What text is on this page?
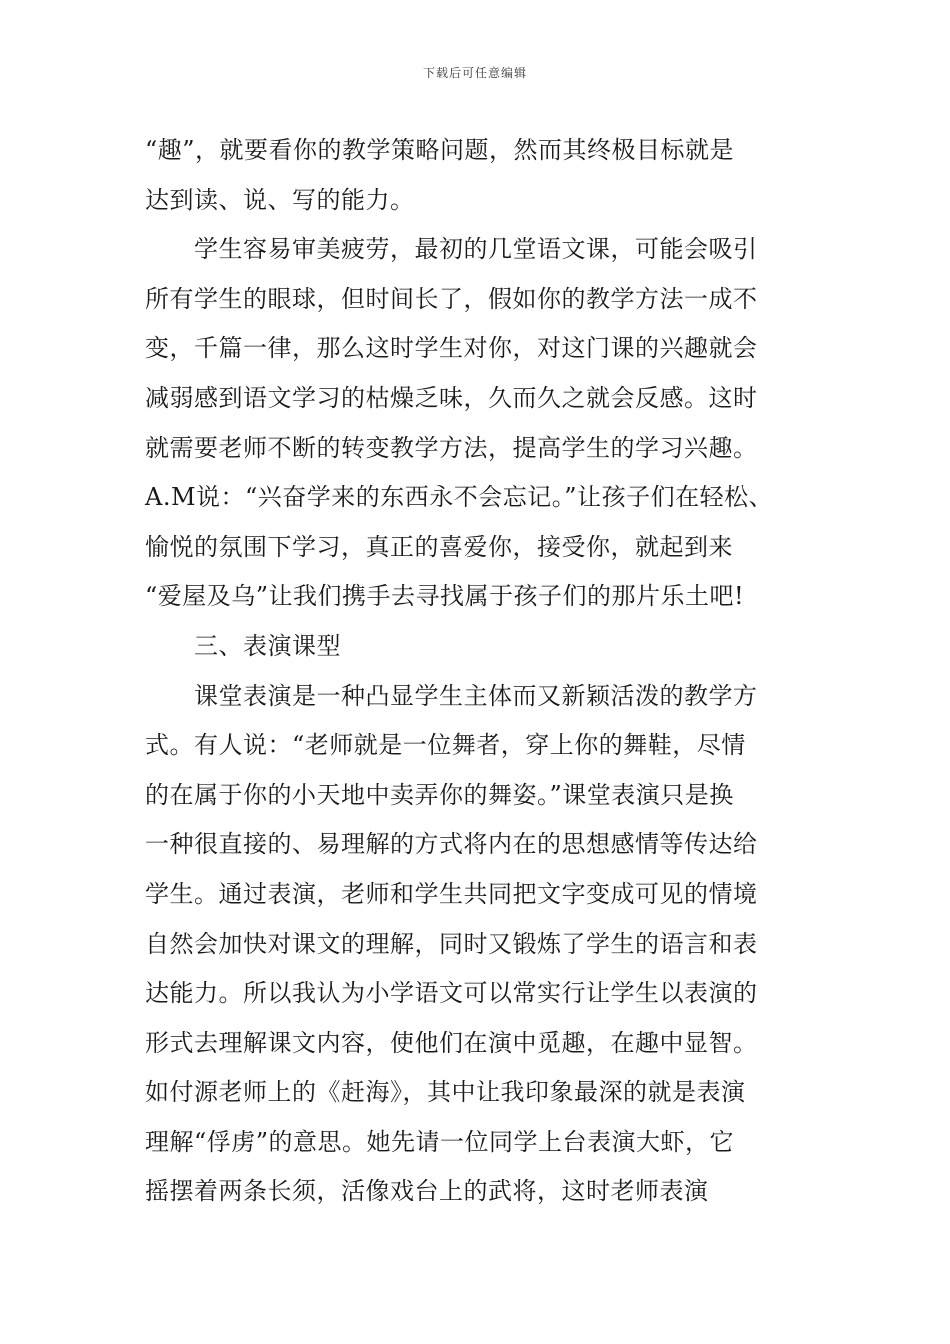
下载后可任意编辑
“趣”，就要看你的教学策略问题，然而其终极目标就是
达到读、说、写的能力。
学生容易审美疲劳，最初的几堂语文课，可能会吸引
所有学生的眼球，但时间长了，假如你的教学方法一成不
变，千篇一律，那么这时学生对你，对这门课的兴趣就会
减弱感到语文学习的枯燥乏味，久而久之就会反感。这时
就需要老师不断的转变教学方法，提高学生的学习兴趣。
A.M说：“兴奋学来的东西永不会忘记。”让孩子们在轻松、
愉悦的氛围下学习，真正的喜爱你，接受你，就起到来
“爱屋及乌”让我们携手去寻找属于孩子们的那片乐土吧!
三、表演课型
课堂表演是一种凸显学生主体而又新颖活泼的教学方
式。有人说：“老师就是一位舞者，穿上你的舞鞋，尽情
的在属于你的小天地中卖弄你的舞姿。”课堂表演只是换
一种很直接的、易理解的方式将内在的思想感情等传达给
学生。通过表演，老师和学生共同把文字变成可见的情境
自然会加快对课文的理解，同时又锻炼了学生的语言和表
达能力。所以我认为小学语文可以常实行让学生以表演的
形式去理解课文内容，使他们在演中觅趣，在趣中显智。
如付源老师上的《赶海》，其中让我印象最深的就是表演
理解“俘虏”的意思。她先请一位同学上台表演大虾，它
摇摆着两条长须，活像戏台上的武将，这时老师表演
